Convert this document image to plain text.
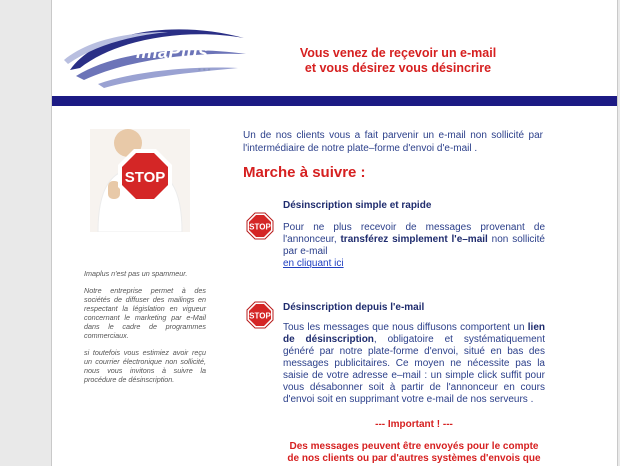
imaPlus
▪▪▪
Vous venez de reçevoir un e-mail
et vous désirez vous désincrire
STOP
Imaplus n'est pas un spammeur.
Notre entreprise permet à des sociétés de diffuser des mailings en respectant la législation en vigueur concernant le marketing par e-Mail dans le cadre de programmes commerciaux.
si toutefois vous estimiez avoir reçu un courrier électronique non sollicité, nous vous invitons à suivre la procédure de désinscription.
Un de nos clients vous a fait parvenir un e-mail non sollicité par l'intermédiaire de notre plate–forme d'envoi d'e-mail .
Marche à suivre :
STOP
Désinscription simple et rapide
Pour ne plus recevoir de messages provenant de l'annonceur, transférez simplement l'e–mail non sollicité par e-mail
en cliquant ici
STOP
Désinscription depuis l'e-mail
Tous les messages que nous diffusons comportent un lien de désinscription, obligatoire et systématiquement généré par notre plate-forme d'envoi, situé en bas des messages publicitaires. Ce moyen ne nécessite pas la saisie de votre adresse e–mail : un simple click suffit pour vous désabonner soit à partir de l'annonceur en cours d'envoi soit en supprimant votre e-mail de nos serveurs .
--- Important ! ---
Des messages peuvent être envoyés pour le compte de nos clients ou par d'autres systèmes d'envois que
